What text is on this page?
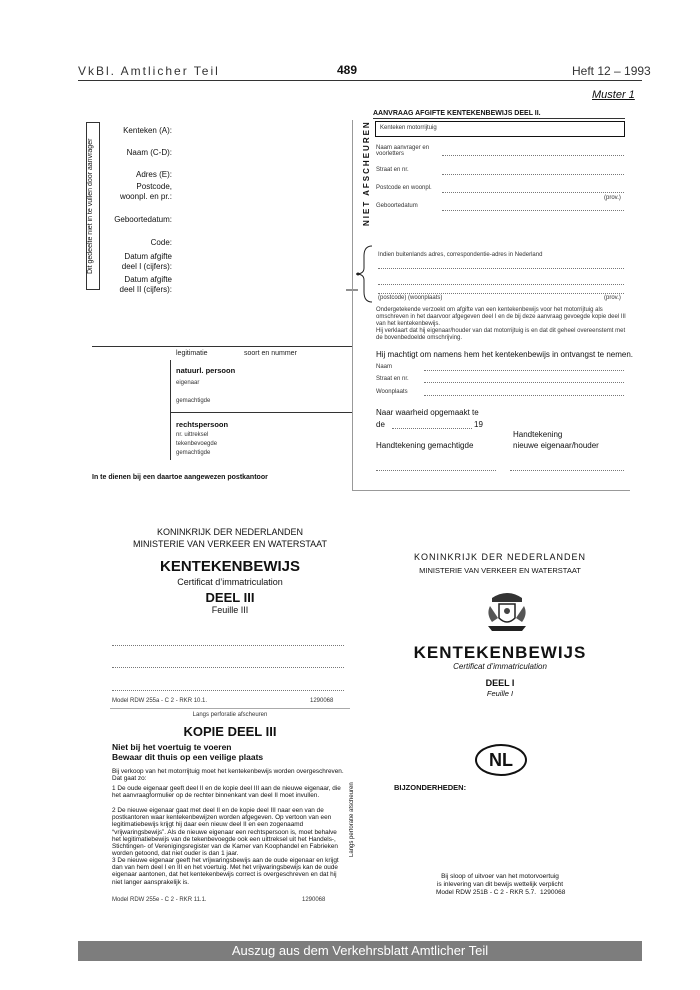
VkBl. Amtlicher Teil	489	Heft 12 – 1993
Muster 1
Dit gedeelte niet in te vullen door aanvrager
Kenteken (A):
Naam (C-D):
Adres (E):
Postcode,
woonpl. en pr.:
Geboortedatum:
Code:
Datum afgifte
deel I (cijfers):
Datum afgifte
deel II (cijfers):
legitimatie	soort en nummer
natuurl. persoon
eigenaar
gemachtigde
rechtspersoon
nr. uittreksel
tekenbevoegde
gemachtigde
In te dienen bij een daartoe aangewezen postkantoor
AANVRAAG AFGIFTE KENTEKENBEWIJS DEEL II.
NIET AFSCHEUREN Kenteken motorrijtuig
Naam aanvrager en voorletters
Straat en nr.
Postcode en woonpl.
(prov.)
Geboortedatum
Indien buitenlands adres, correspondentie-adres in Nederland
(postcode) (woonplaats)	(prov.)
Ondergetekende verzoekt om afgifte van een kentekenbewijs voor het motorrijtuig als omschreven in het daarvoor afgegeven deel I en de bij deze aanvraag gevoegde kopie deel III van het kentekenbewijs.
Hij verklaart dat hij eigenaar/houder van dat motorrijtuig is en dat dit geheel overeenstemt met de bovenbedoelde omschrijving.
Hij machtigt om namens hem het kentekenbewijs in ontvangst te nemen.
Naam
Straat en nr.
Woonplaats
Naar waarheid opgemaakt te
de	19
Handtekening gemachtigde
Handtekening
nieuwe eigenaar/houder
KONINKRIJK DER NEDERLANDEN
MINISTERIE VAN VERKEER EN WATERSTAAT
KENTEKENBEWIJS
Certificat d’immatriculation
DEEL III
Feuille III
Model RDW 255a - C 2 - RKR 10.1.	1290068
Langs perforatie afscheuren
KOPIE DEEL III
Niet bij het voertuig te voeren
Bewaar dit thuis op een veilige plaats
Bij verkoop van het motorrijtuig moet het kentekenbewijs worden overgeschreven. Dat gaat zo:
1 De oude eigenaar geeft deel II en de kopie deel III aan de nieuwe eigenaar, die het aanvraagformulier op de rechter binnenkant van deel II moet invullen.
2 De nieuwe eigenaar gaat met deel II en de kopie deel III naar een van de postkantoren waar kentekenbewijzen worden afgegeven. Op vertoon van een legitimatiebewijs krijgt hij daar een nieuw deel II en een zogenaamd “vrijwaringsbewijs”. Als de nieuwe eigenaar een rechtspersoon is, moet behalve het legitimatiebewijs van de tekenbevoegde ook een uittreksel uit het Handels-, Stichtingen- of Verenigingsregister van de Kamer van Koophandel en Fabrieken worden getoond, dat niet ouder is dan 1 jaar.
3 De nieuwe eigenaar geeft het vrijwaringsbewijs aan de oude eigenaar en krijgt dan van hem deel I en III en het voertuig. Met het vrijwaringsbewijs kan de oude eigenaar aantonen, dat het kentekenbewijs correct is overgeschreven en dat hij niet langer aansprakelijk is.
Model RDW 255e - C 2 - RKR 11.1.	1290068
Langs perforatie afscheuren
KONINKRIJK DER NEDERLANDEN
MINISTERIE VAN VERKEER EN WATERSTAAT
KENTEKENBEWIJS
Certificat d’immatriculation
DEEL I
Feuille I
NL
BIJZONDERHEDEN:
Bij sloop of uitvoer van het motorvoertuig
is inlevering van dit bewijs wettelijk verplicht
Model RDW 251B - C 2 - RKR 5.7. 1290068
Auszug aus dem Verkehrsblatt Amtlicher Teil
